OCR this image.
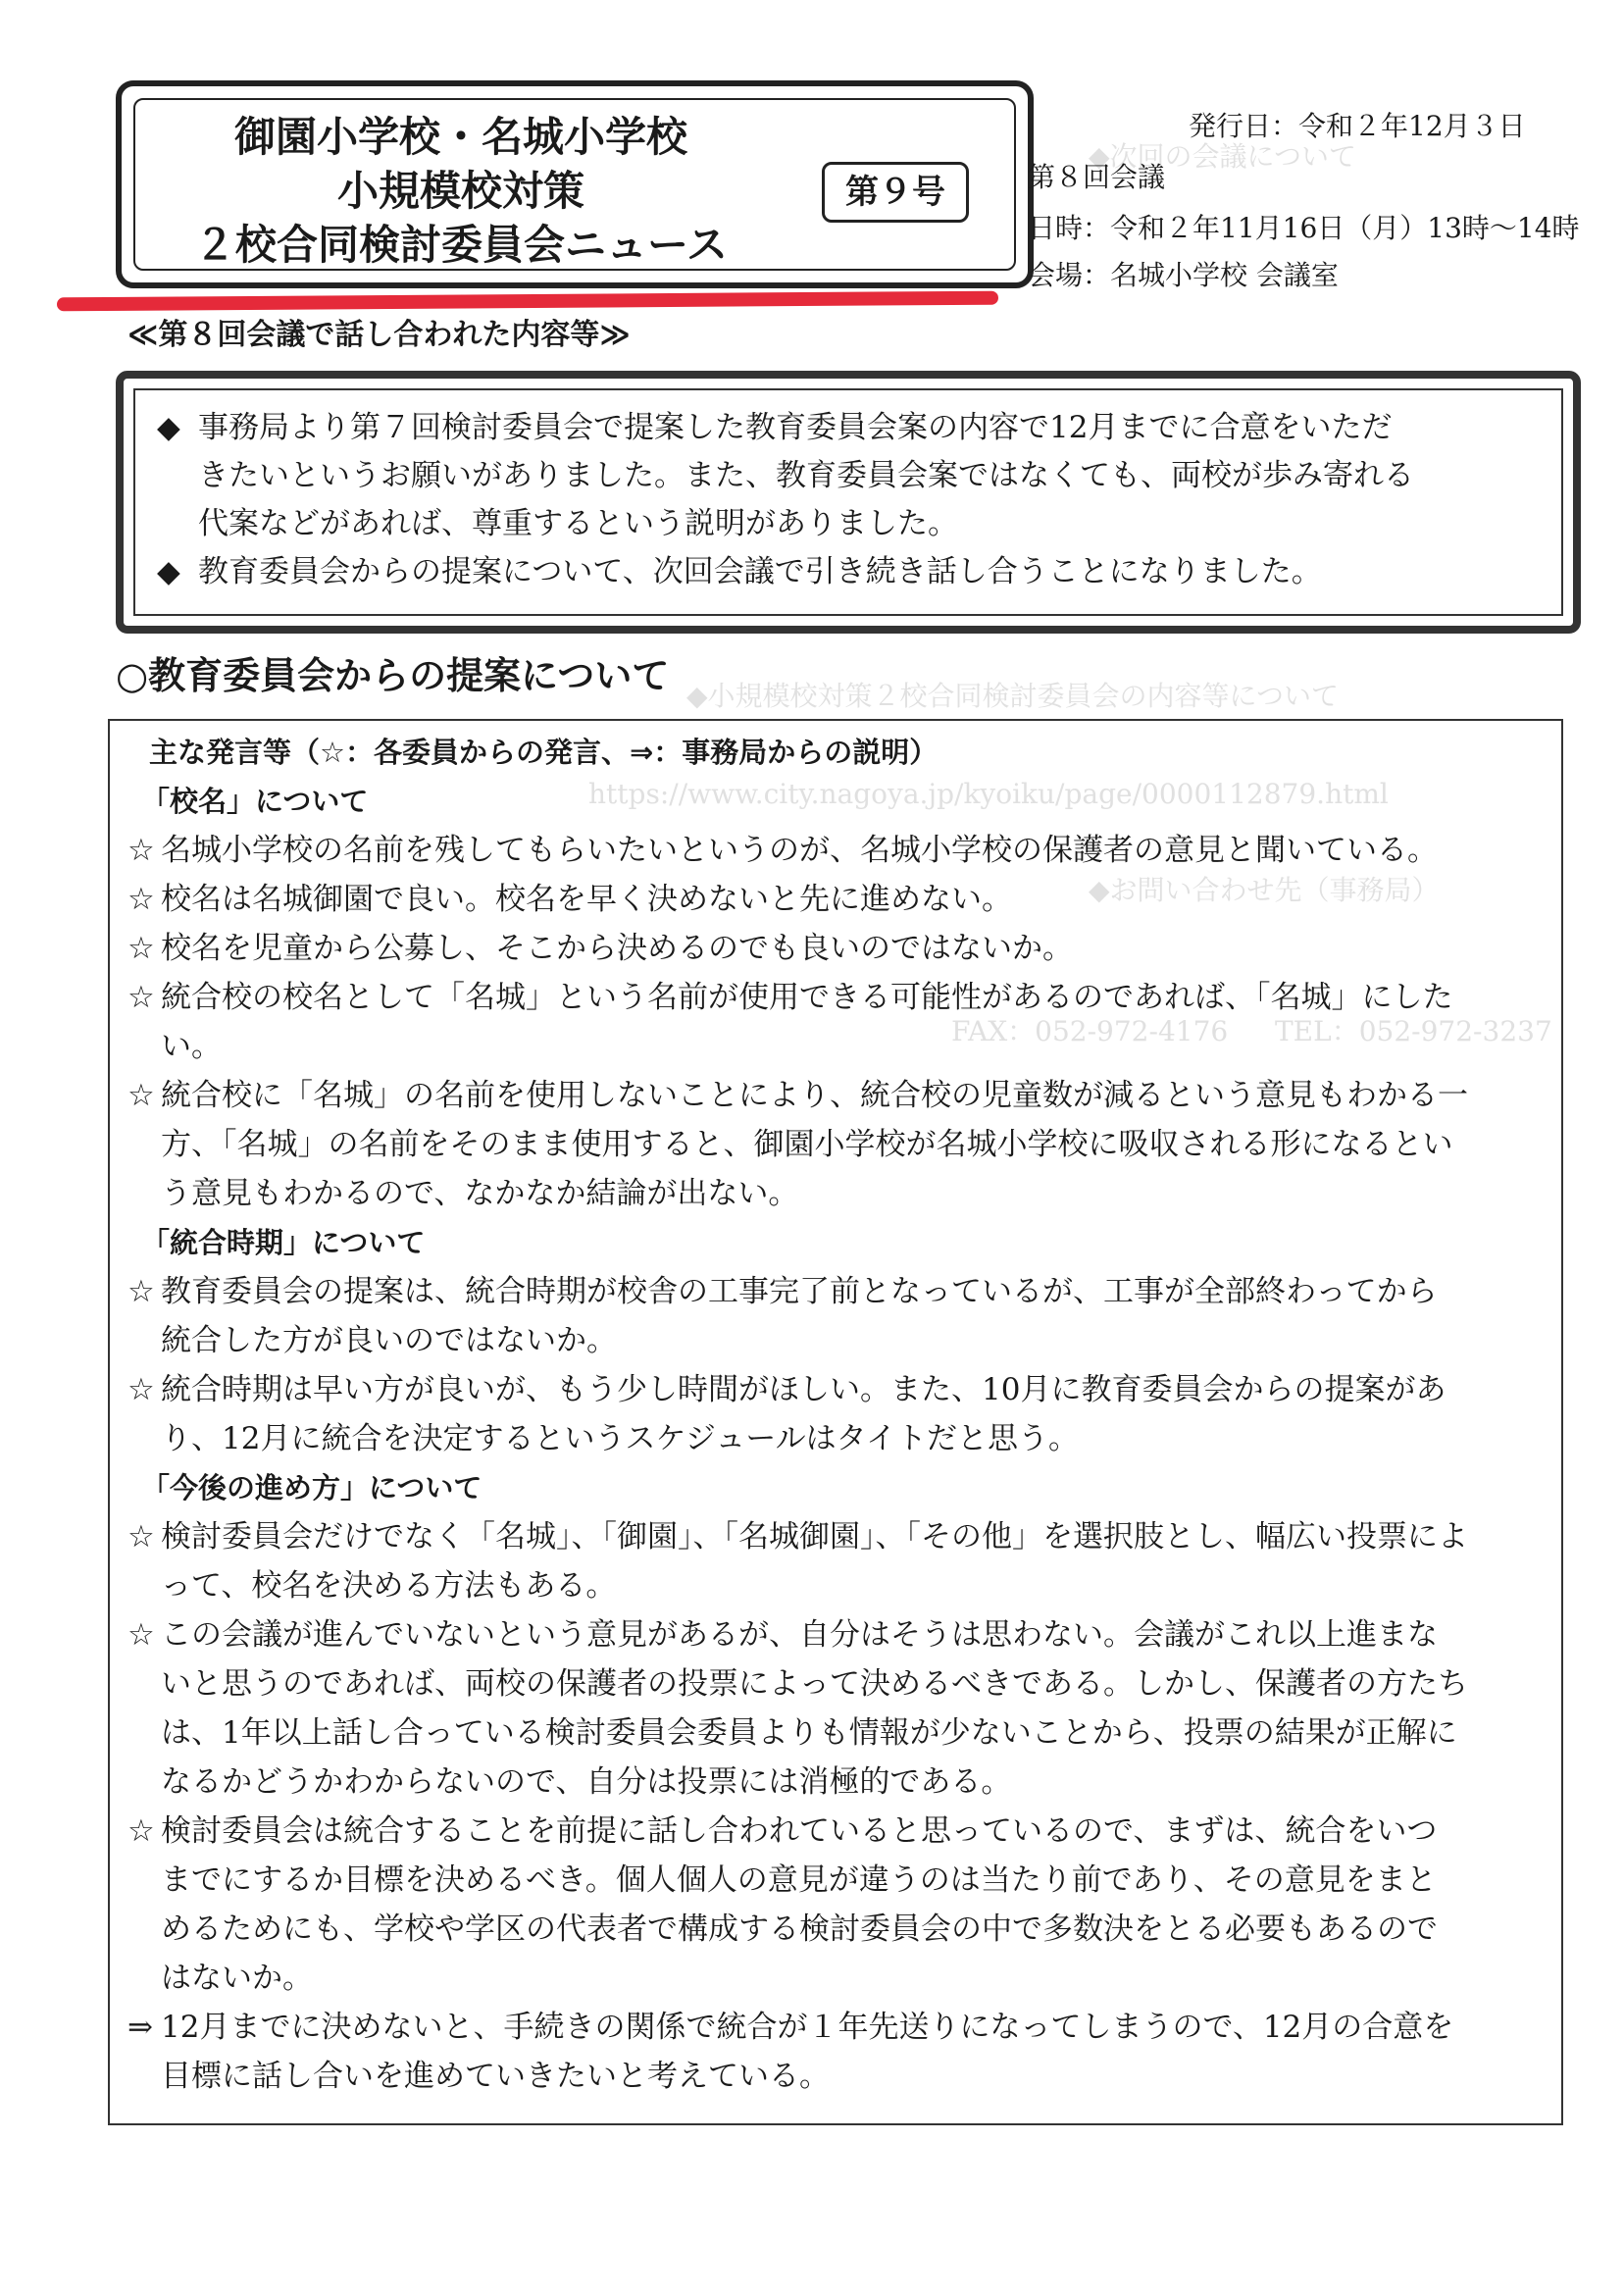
◆次回の会議について
◆小規模校対策２校合同検討委員会の内容等について
https://www.city.nagoya.jp/kyoiku/page/0000112879.html
◆お問い合わせ先（事務局）
TEL：052-972-3237
FAX：052-972-4176
御園小学校・名城小学校
小規模校対策
２校合同検討委員会ニュース
第９号
発行日：令和２年12月３日
第８回会議
日時：令和２年11月16日（月）13時～14時
会場：名城小学校 会議室
≪第８回会議で話し合われた内容等≫
◆ 事務局より第７回検討委員会で提案した教育委員会案の内容で12月までに合意をいただ
きたいというお願いがありました。また、教育委員会案ではなくても、両校が歩み寄れる
代案などがあれば、尊重するという説明がありました。
◆ 教育委員会からの提案について、次回会議で引き続き話し合うことになりました。
○教育委員会からの提案について
主な発言等（☆：各委員からの発言、⇒：事務局からの説明）
「校名」について
☆ 名城小学校の名前を残してもらいたいというのが、名城小学校の保護者の意見と聞いている。
☆ 校名は名城御園で良い。校名を早く決めないと先に進めない。
☆ 校名を児童から公募し、そこから決めるのでも良いのではないか。
☆ 統合校の校名として「名城」という名前が使用できる可能性があるのであれば、「名城」にした
い。
☆ 統合校に「名城」の名前を使用しないことにより、統合校の児童数が減るという意見もわかる一
方、「名城」の名前をそのまま使用すると、御園小学校が名城小学校に吸収される形になるとい
う意見もわかるので、なかなか結論が出ない。
「統合時期」について
☆ 教育委員会の提案は、統合時期が校舎の工事完了前となっているが、工事が全部終わってから
統合した方が良いのではないか。
☆ 統合時期は早い方が良いが、もう少し時間がほしい。また、10月に教育委員会からの提案があ
り、12月に統合を決定するというスケジュールはタイトだと思う。
「今後の進め方」について
☆ 検討委員会だけでなく「名城」、「御園」、「名城御園」、「その他」を選択肢とし、幅広い投票によ
って、校名を決める方法もある。
☆ この会議が進んでいないという意見があるが、自分はそうは思わない。会議がこれ以上進まな
いと思うのであれば、両校の保護者の投票によって決めるべきである。しかし、保護者の方たち
は、1年以上話し合っている検討委員会委員よりも情報が少ないことから、投票の結果が正解に
なるかどうかわからないので、自分は投票には消極的である。
☆ 検討委員会は統合することを前提に話し合われていると思っているので、まずは、統合をいつ
までにするか目標を決めるべき。個人個人の意見が違うのは当たり前であり、その意見をまと
めるためにも、学校や学区の代表者で構成する検討委員会の中で多数決をとる必要もあるので
はないか。
⇒ 12月までに決めないと、手続きの関係で統合が１年先送りになってしまうので、12月の合意を
目標に話し合いを進めていきたいと考えている。
